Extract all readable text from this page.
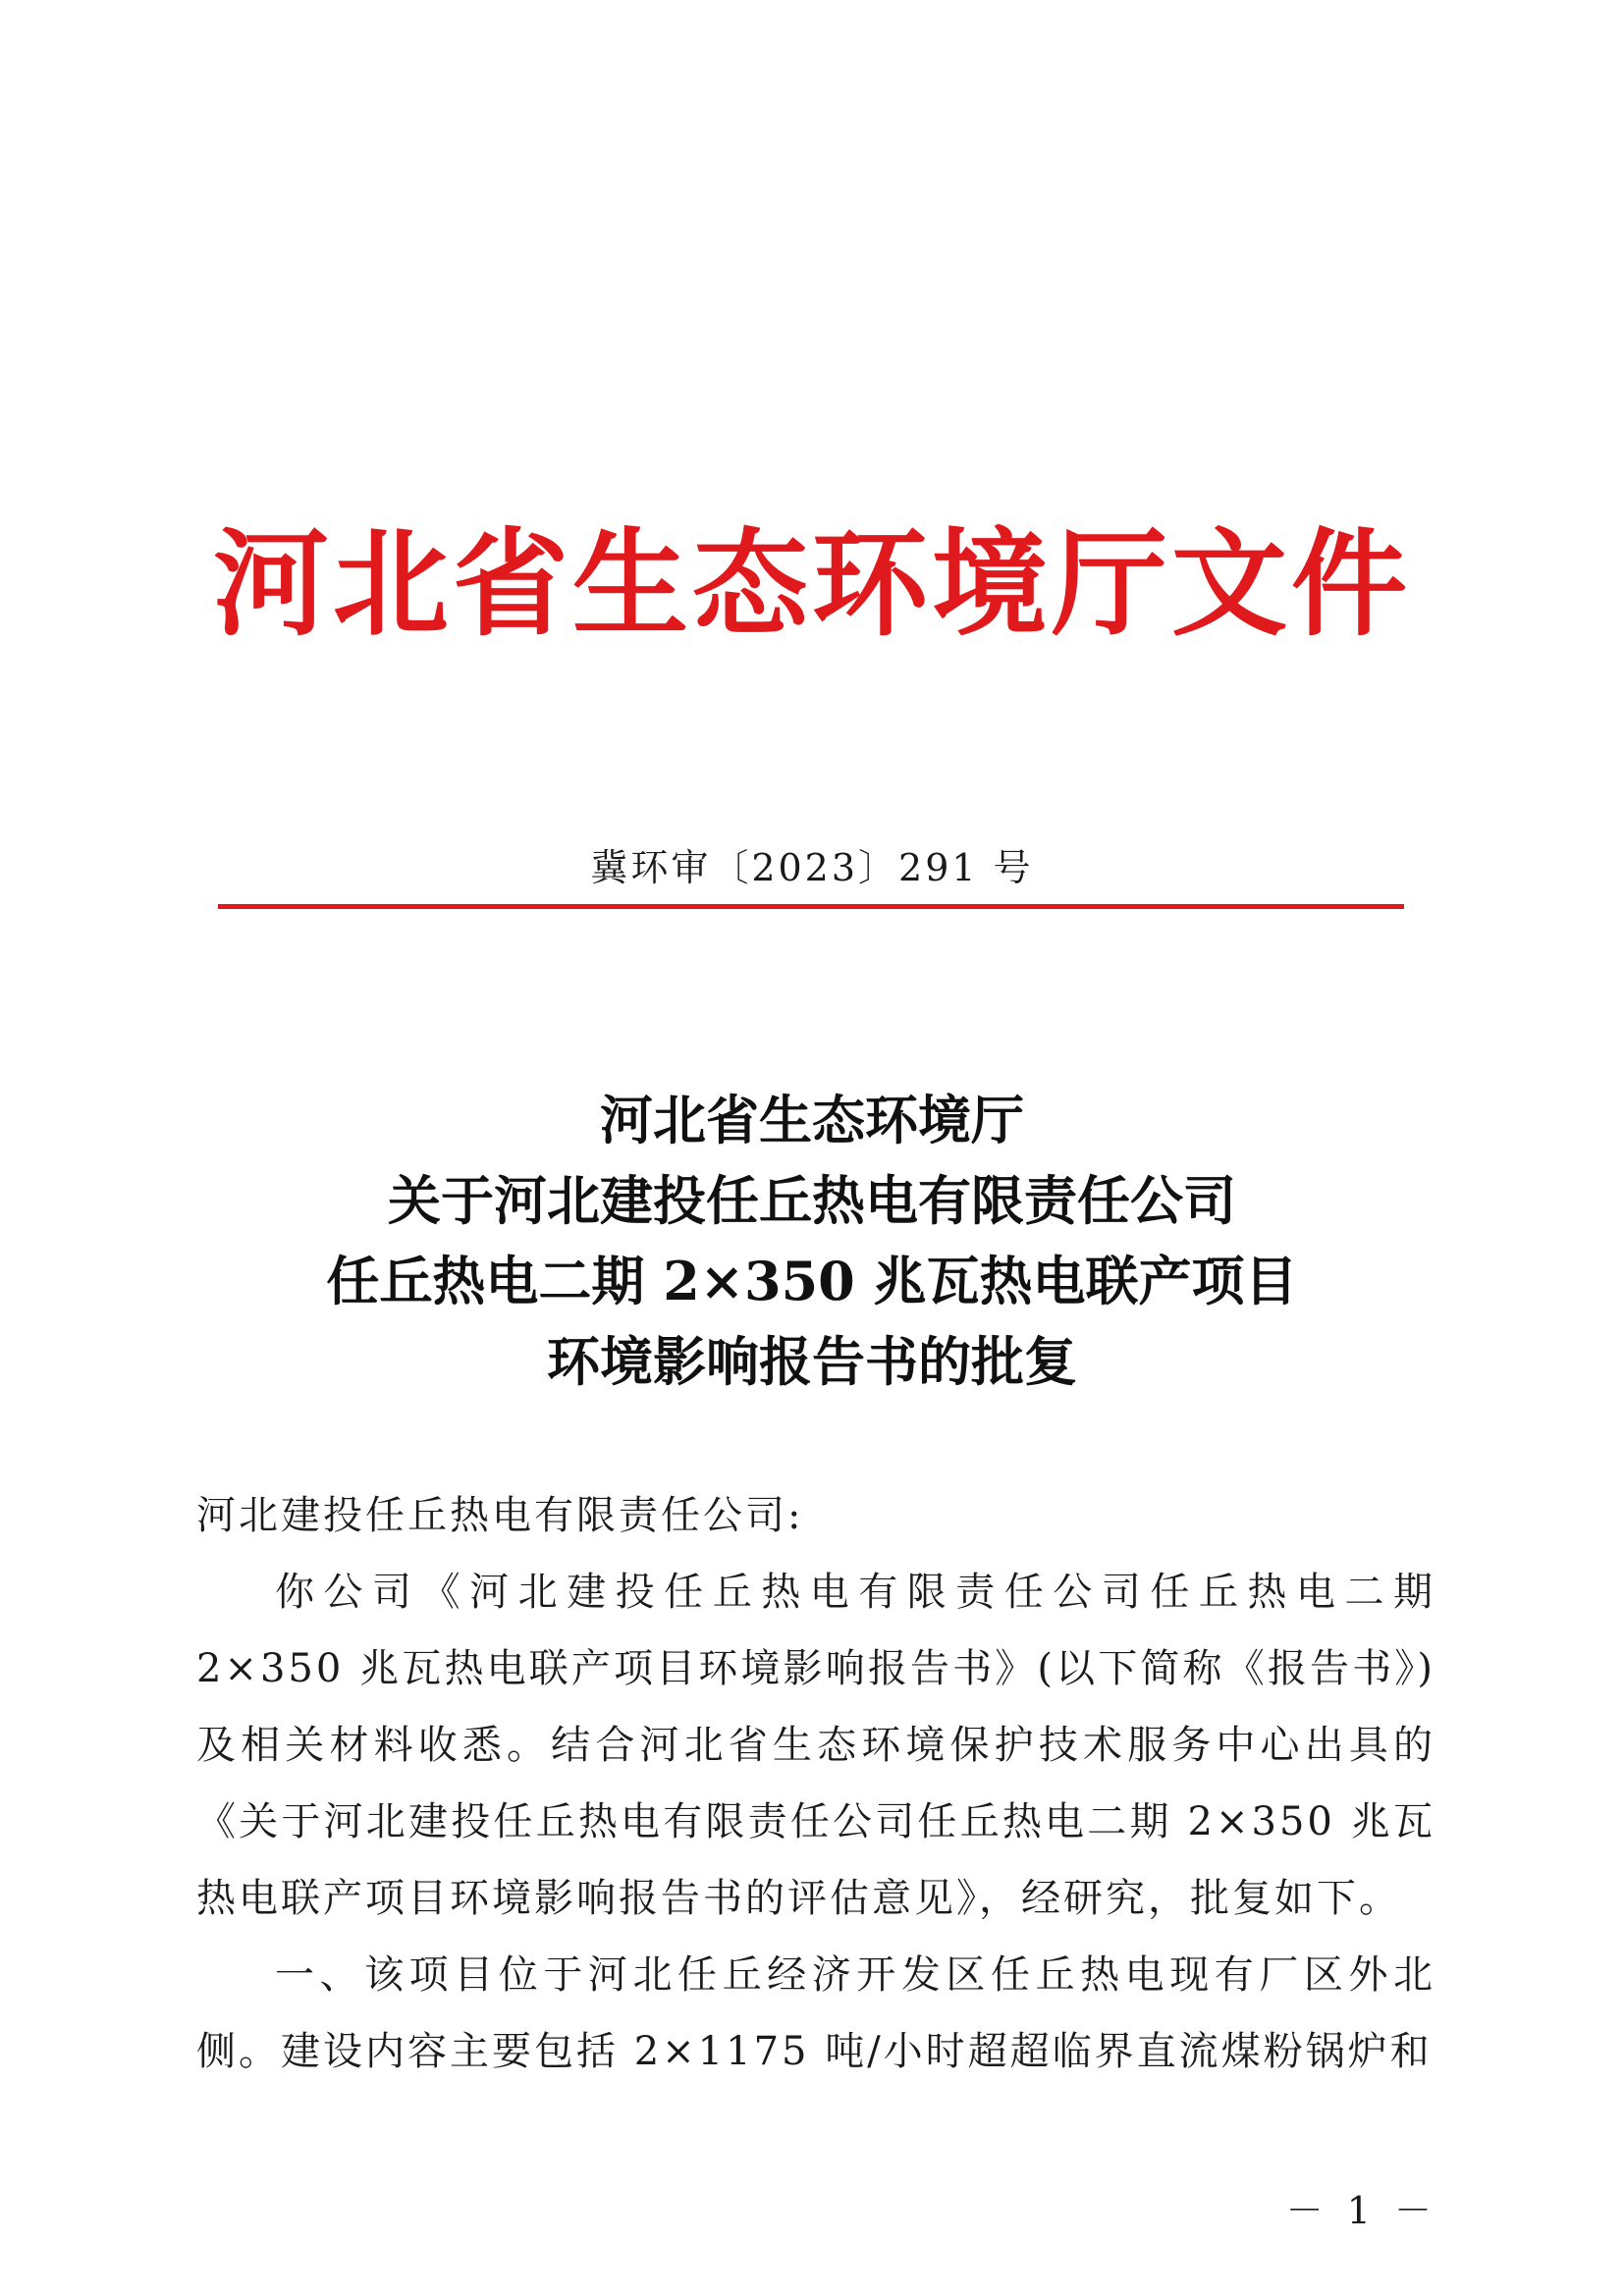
河北省生态环境厅文件
冀环审〔2023〕291 号
河北省生态环境厅
关于河北建投任丘热电有限责任公司
任丘热电二期 2×350 兆瓦热电联产项目
环境影响报告书的批复
河北建投任丘热电有限责任公司:

你公司《河北建投任丘热电有限责任公司任丘热电二期 2×350 兆瓦热电联产项目环境影响报告书》(以下简称《报告书》)及相关材料收悉。结合河北省生态环境保护技术服务中心出具的《关于河北建投任丘热电有限责任公司任丘热电二期 2×350 兆瓦热电联产项目环境影响报告书的评估意见》，经研究，批复如下。

一、该项目位于河北任丘经济开发区任丘热电现有厂区外北侧。建设内容主要包括 2×1175 吨/小时超超临界直流煤粉锅炉和

－ 1 －
